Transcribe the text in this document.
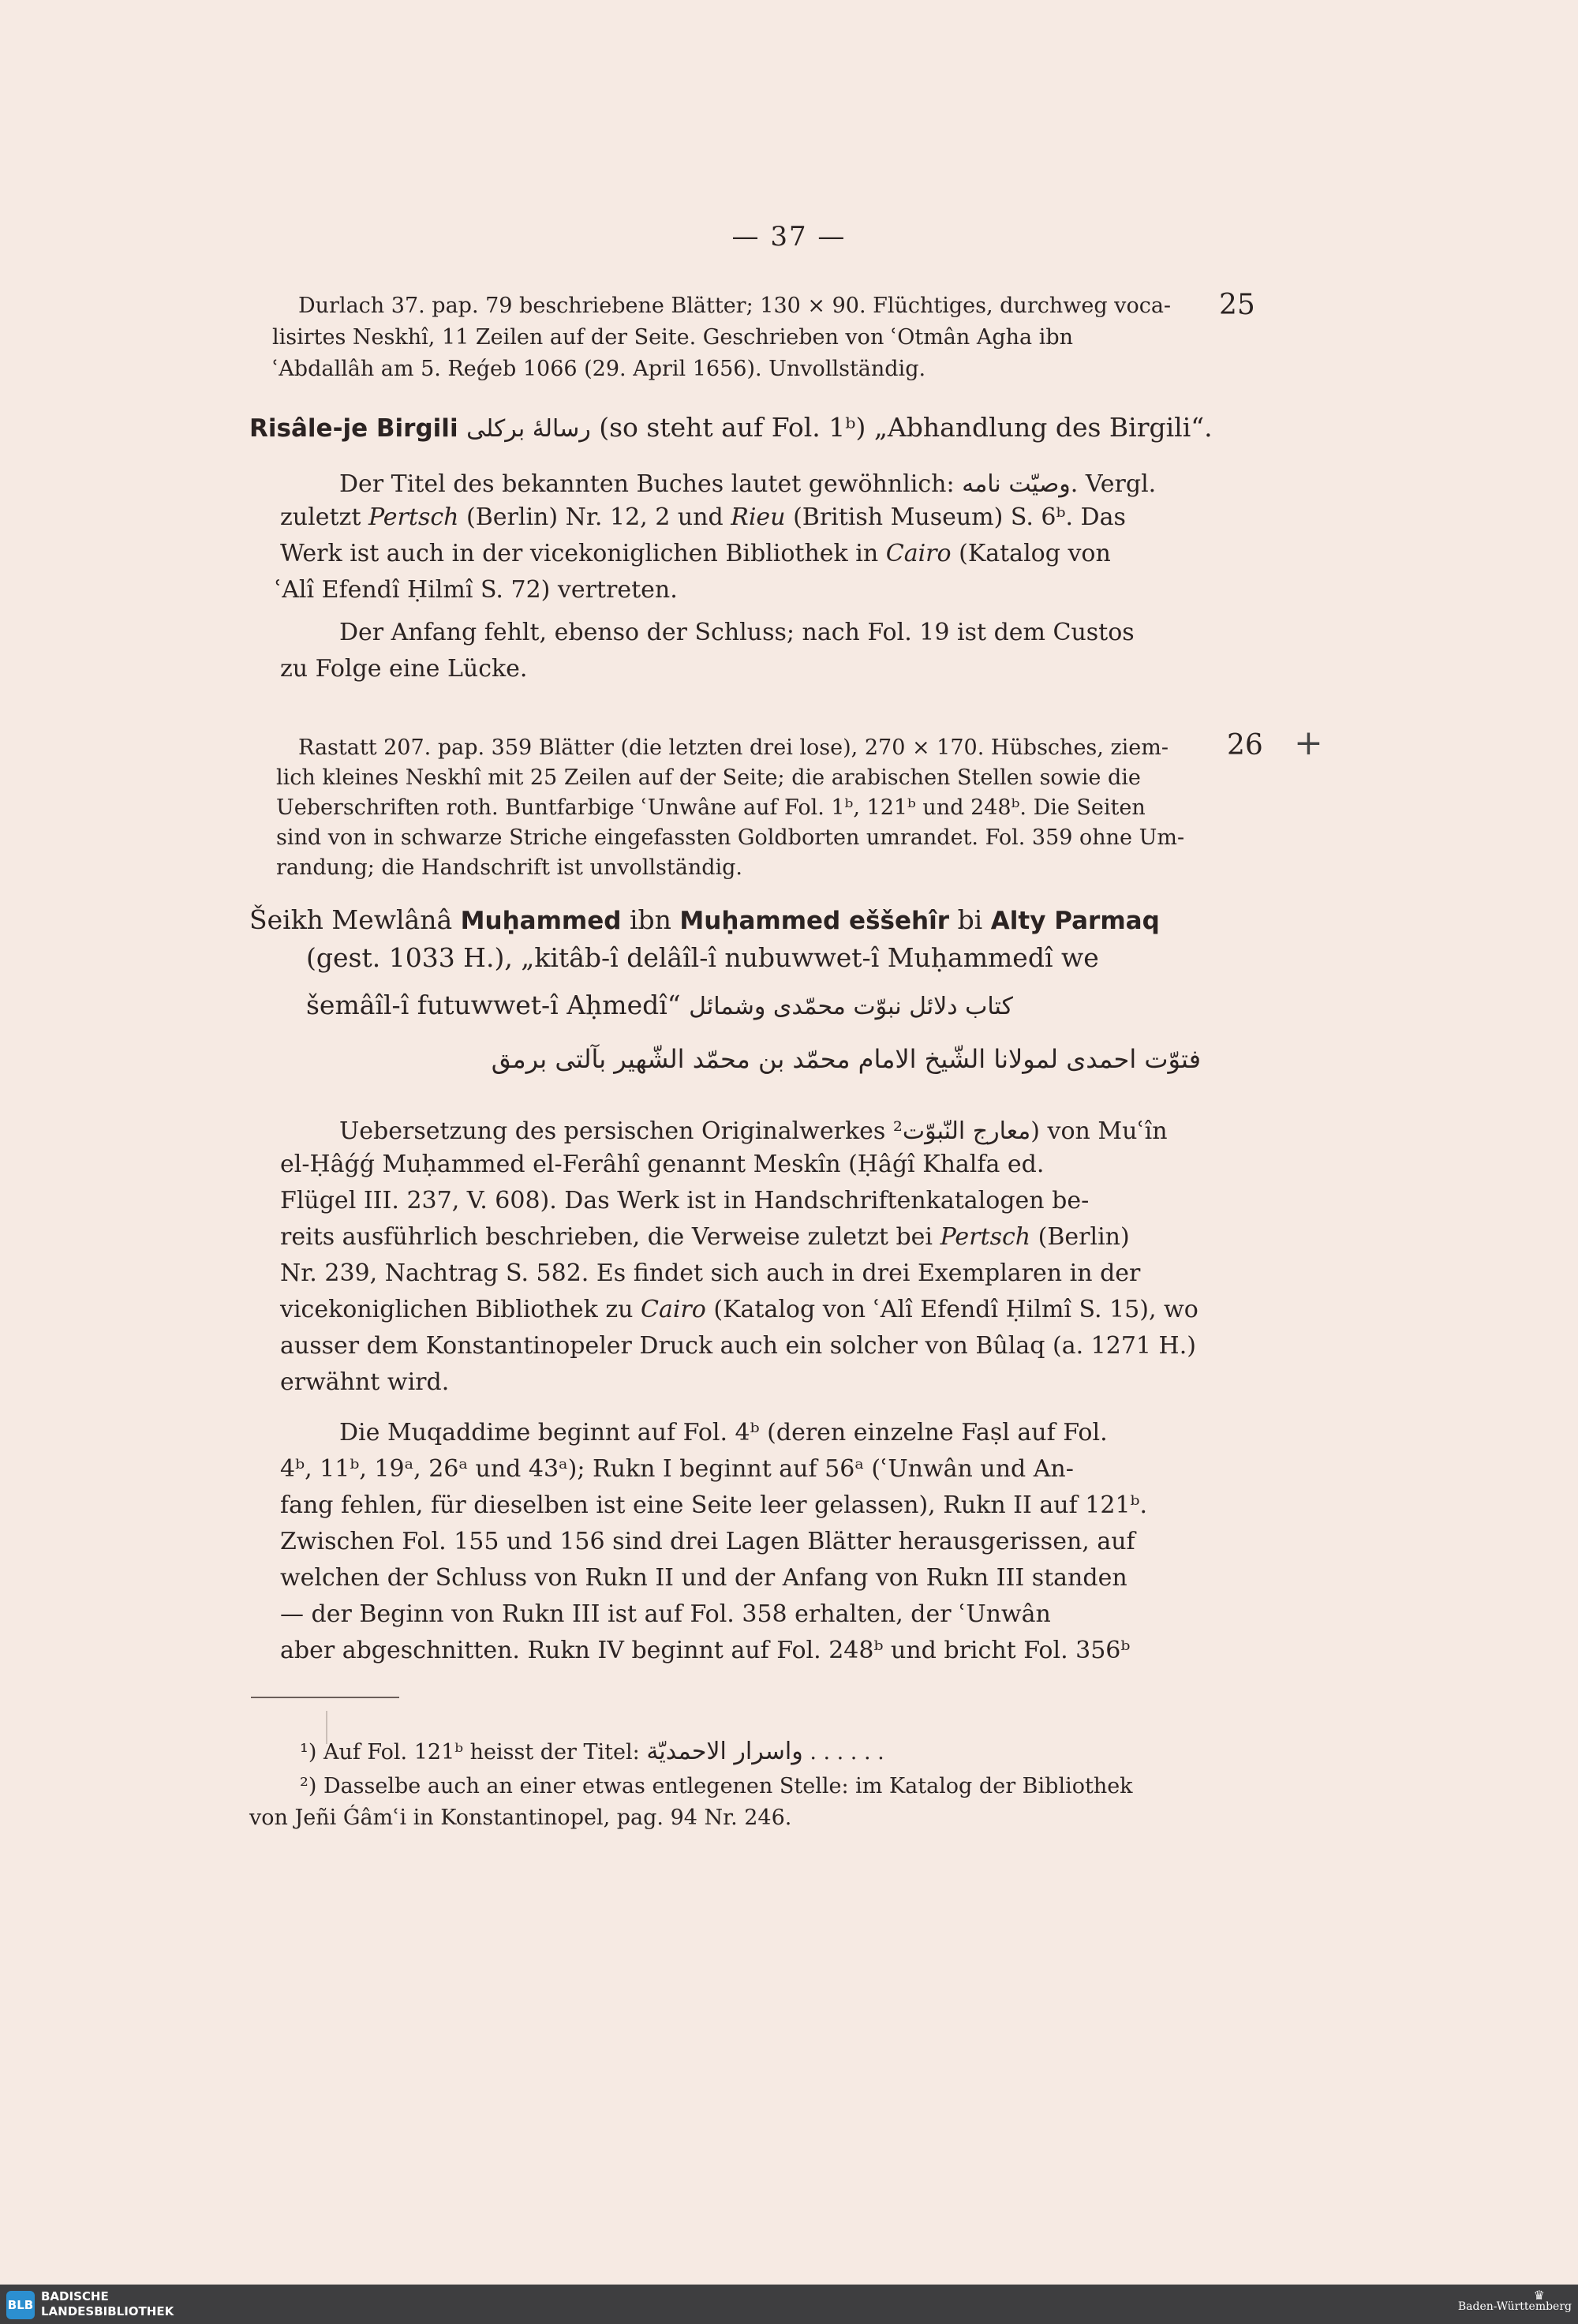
— 37 —
25
Durlach 37. pap. 79 beschriebene Blätter; 130 × 90. Flüchtiges, durchweg voca-
lisirtes Neskhî, 11 Zeilen auf der Seite. Geschrieben von ʿOtmân Agha ibn
ʿAbdallâh am 5. Reǵeb 1066 (29. April 1656). Unvollständig.
Risâle-je Birgili رسالهٔ برکلی (so steht auf Fol. 1ᵇ) „Abhandlung des Birgili“.
Der Titel des bekannten Buches lautet gewöhnlich: وصيّت نامه. Vergl.
zuletzt Pertsch (Berlin) Nr. 12, 2 und Rieu (British Museum) S. 6ᵇ. Das
Werk ist auch in der vicekoniglichen Bibliothek in Cairo (Katalog von
ʿAlî Efendî Ḥilmî S. 72) vertreten.
Der Anfang fehlt, ebenso der Schluss; nach Fol. 19 ist dem Custos
zu Folge eine Lücke.
26 +
Rastatt 207. pap. 359 Blätter (die letzten drei lose), 270 × 170. Hübsches, ziem-
lich kleines Neskhî mit 25 Zeilen auf der Seite; die arabischen Stellen sowie die
Ueberschriften roth. Buntfarbige ʿUnwâne auf Fol. 1ᵇ, 121ᵇ und 248ᵇ. Die Seiten
sind von in schwarze Striche eingefassten Goldborten umrandet. Fol. 359 ohne Um-
randung; die Handschrift ist unvollständig.
Šeikh Mewlânâ Muḥammed ibn Muḥammed eššehîr bi Alty Parmaq
(gest. 1033 H.), „kitâb-î delâîl-î nubuwwet-î Muḥammedî we
šemâîl-î futuwwet-î Aḥmedî“ كتاب دلائل نبوّت محمّدی وشمائل
فتوّت احمدی لمولانا الشّیخ الامام محمّد بن محمّد الشّهیر بآلتی برمق
Uebersetzung des persischen Originalwerkes معارج النّبوّت²) von Muʿîn
el-Ḥâǵǵ Muḥammed el-Ferâhî genannt Meskîn (Ḥâǵî Khalfa ed.
Flügel III. 237, V. 608). Das Werk ist in Handschriftenkatalogen be-
reits ausführlich beschrieben, die Verweise zuletzt bei Pertsch (Berlin)
Nr. 239, Nachtrag S. 582. Es findet sich auch in drei Exemplaren in der
vicekoniglichen Bibliothek zu Cairo (Katalog von ʿAlî Efendî Ḥilmî S. 15), wo
ausser dem Konstantinopeler Druck auch ein solcher von Bûlaq (a. 1271 H.)
erwähnt wird.
Die Muqaddime beginnt auf Fol. 4ᵇ (deren einzelne Faṣl auf Fol.
4ᵇ, 11ᵇ, 19ᵃ, 26ᵃ und 43ᵃ); Rukn I beginnt auf 56ᵃ (ʿUnwân und An-
fang fehlen, für dieselben ist eine Seite leer gelassen), Rukn II auf 121ᵇ.
Zwischen Fol. 155 und 156 sind drei Lagen Blätter herausgerissen, auf
welchen der Schluss von Rukn II und der Anfang von Rukn III standen
— der Beginn von Rukn III ist auf Fol. 358 erhalten, der ʿUnwân
aber abgeschnitten. Rukn IV beginnt auf Fol. 248ᵇ und bricht Fol. 356ᵇ
¹) Auf Fol. 121ᵇ heisst der Titel: واسرار الاحمديّة . . . . . .
²) Dasselbe auch an einer etwas entlegenen Stelle: im Katalog der Bibliothek
von Jeñi Ǵâmʿi in Konstantinopel, pag. 94 Nr. 246.
BLB
BADISCHE
LANDESBIBLIOTHEK
♛
Baden-Württemberg
